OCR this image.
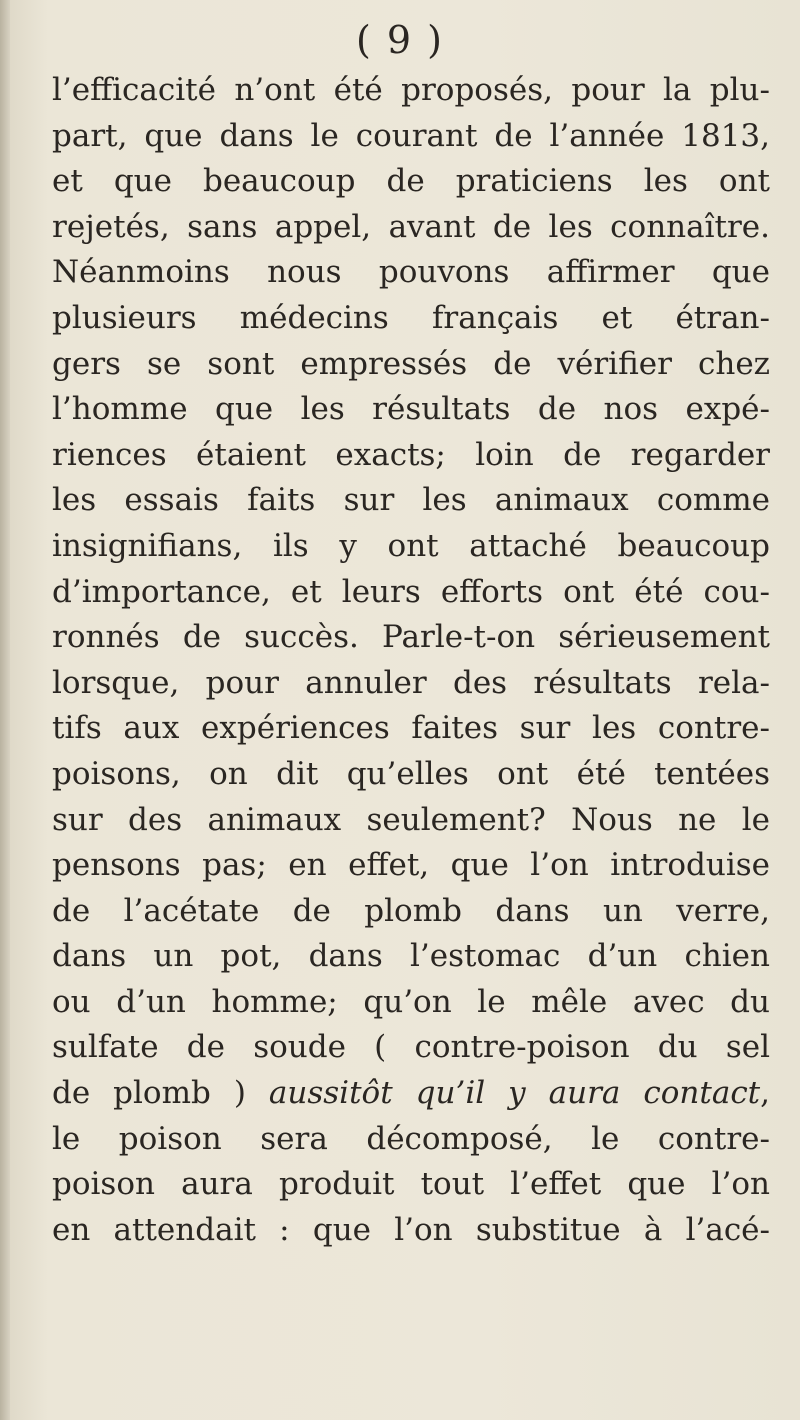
( 9 )
l’efficacité n’ont été proposés, pour la plu-
part, que dans le courant de l’année 1813,
et que beaucoup de praticiens les ont
rejetés, sans appel, avant de les connaître.
Néanmoins nous pouvons affirmer que
plusieurs médecins français et étran-
gers se sont empressés de vérifier chez
l’homme que les résultats de nos expé-
riences étaient exacts; loin de regarder
les essais faits sur les animaux comme
insignifians, ils y ont attaché beaucoup
d’importance, et leurs efforts ont été cou-
ronnés de succès. Parle-t-on sérieusement
lorsque, pour annuler des résultats rela-
tifs aux expériences faites sur les contre-
poisons, on dit qu’elles ont été tentées
sur des animaux seulement? Nous ne le
pensons pas; en effet, que l’on introduise
de l’acétate de plomb dans un verre,
dans un pot, dans l’estomac d’un chien
ou d’un homme; qu’on le mêle avec du
sulfate de soude ( contre-poison du sel
de plomb ) aussitôt qu’il y aura contact,
le poison sera décomposé, le contre-
poison aura produit tout l’effet que l’on
en attendait : que l’on substitue à l’acé-
